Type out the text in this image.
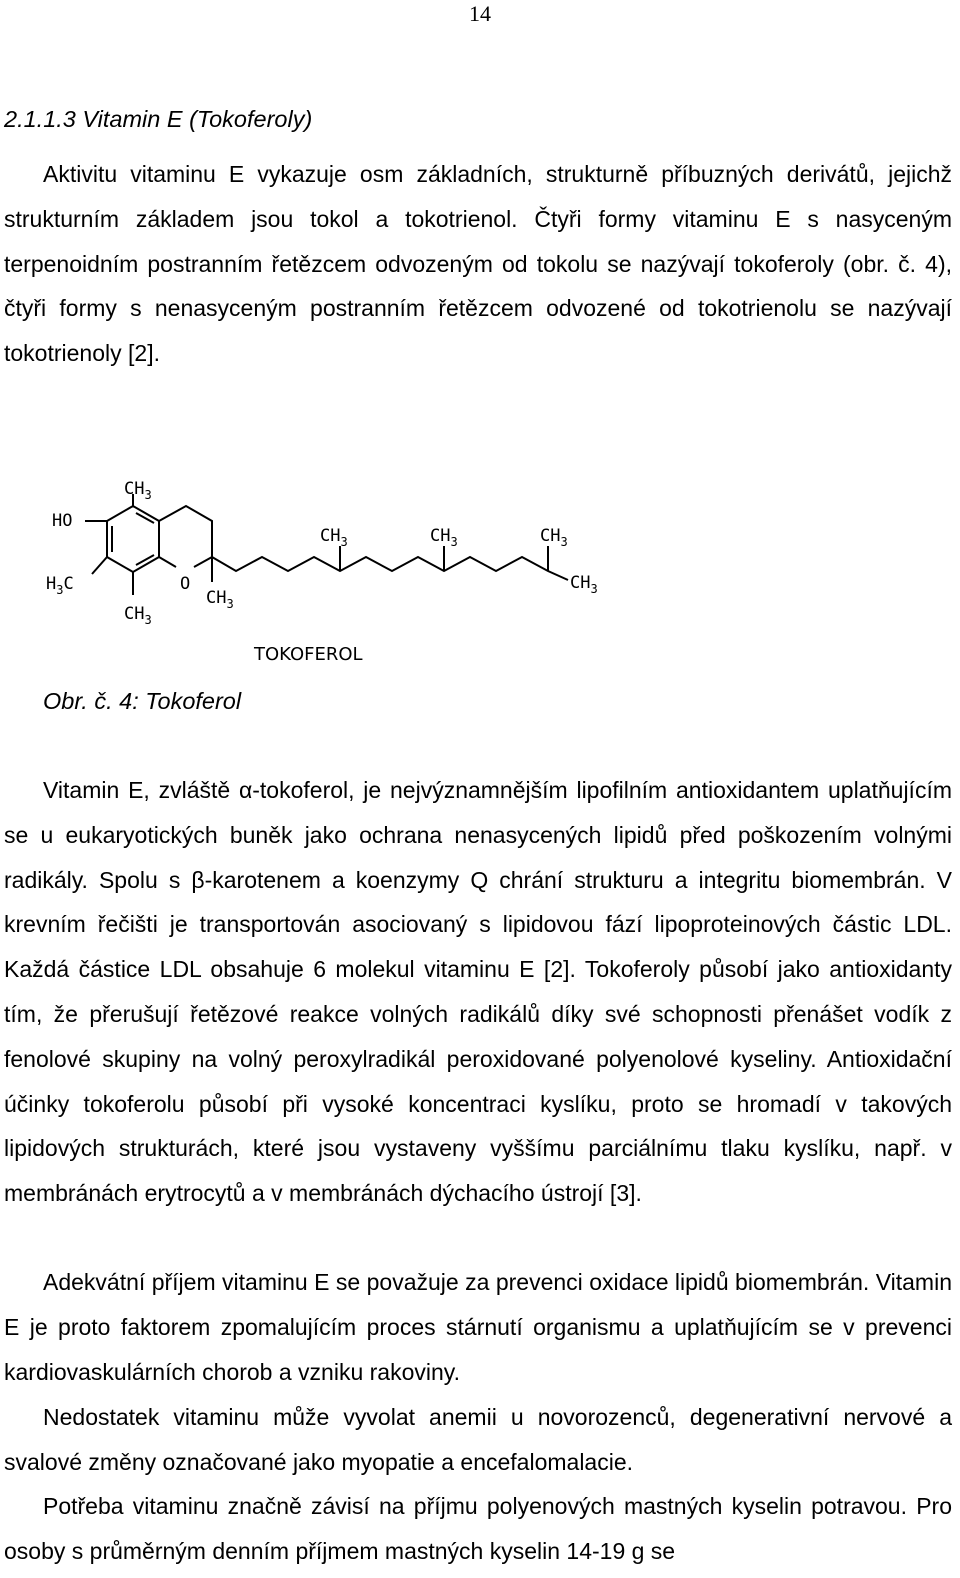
14
2.1.1.3 Vitamin E (Tokoferoly)

Aktivitu vitaminu E vykazuje osm základních, strukturně příbuzných derivátů, jejichž strukturním základem jsou tokol a tokotrienol. Čtyři formy vitaminu E s nasyceným terpenoidním postranním řetězcem odvozeným od tokolu se nazývají tokoferoly (obr. č. 4), čtyři formy s nenasyceným postranním řetězcem odvozené od tokotrienolu se nazývají tokotrienoly [2].

$CH_3$
HO
$H_3C$
$CH_3$
O
$CH_3$
$CH_3$	$CH_3$	$CH_3$
$CH_3$
TOKOFEROL
Obr. č. 4: Tokoferol

Vitamin E, zvláště α-tokoferol, je nejvýznamnějším lipofilním antioxidantem uplatňujícím se u eukaryotických buněk jako ochrana nenasycených lipidů před poškozením volnými radikály. Spolu s β-karotenem a koenzymy Q chrání strukturu a integritu biomembrán. V krevním řečišti je transportován asociovaný s lipidovou fází lipoproteinových částic LDL. Každá částice LDL obsahuje 6 molekul vitaminu E [2]. Tokoferoly působí jako antioxidanty tím, že přerušují řetězové reakce volných radikálů díky své schopnosti přenášet vodík z fenolové skupiny na volný peroxylradikál peroxidované polyenolové kyseliny. Antioxidační účinky tokoferolu působí při vysoké koncentraci kyslíku, proto se hromadí v takových lipidových strukturách, které jsou vystaveny vyššímu parciálnímu tlaku kyslíku, např. v membránách erytrocytů a v membránách dýchacího ústrojí [3].

Adekvátní příjem vitaminu E se považuje za prevenci oxidace lipidů biomembrán. Vitamin E je proto faktorem zpomalujícím proces stárnutí organismu a uplatňujícím se v prevenci kardiovaskulárních chorob a vzniku rakoviny.

Nedostatek vitaminu může vyvolat anemii u novorozenců, degenerativní nervové a svalové změny označované jako myopatie a encefalomalacie.

Potřeba vitaminu značně závisí na příjmu polyenových mastných kyselin potravou. Pro osoby s průměrným denním příjmem mastných kyselin 14-19 g se
